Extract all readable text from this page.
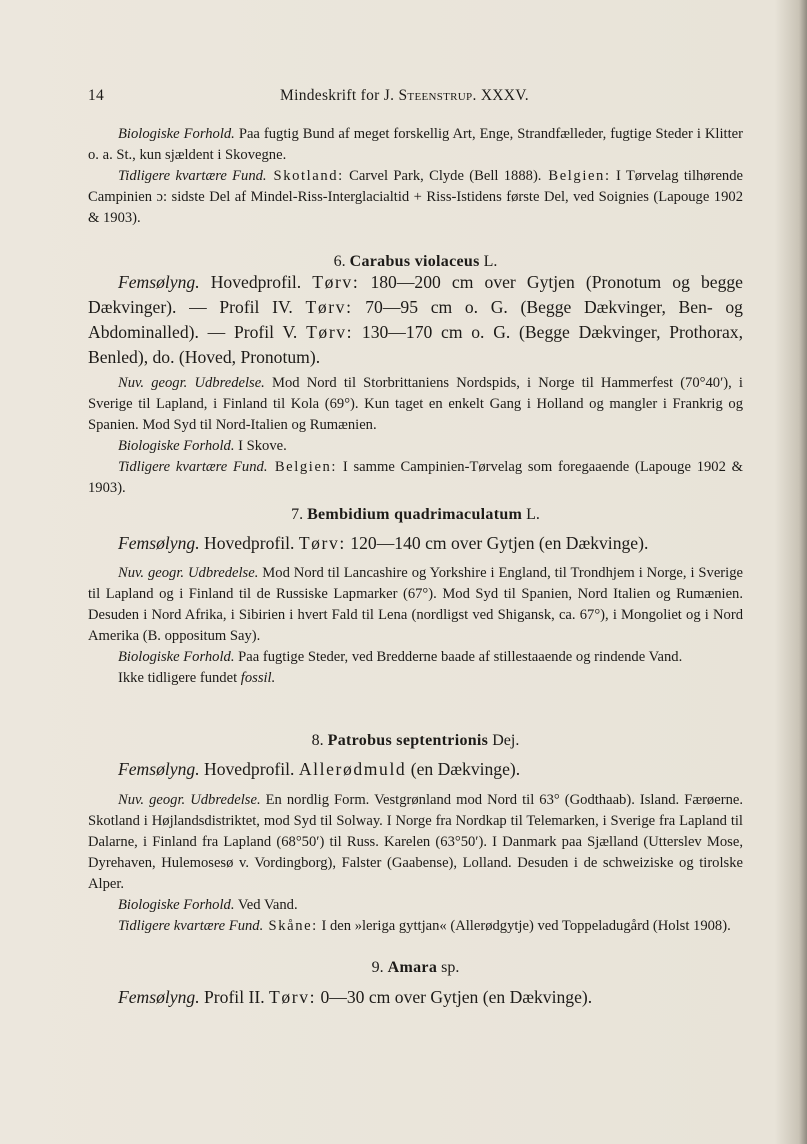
14	Mindeskrift for J. Steenstrup. XXXV.

Biologiske Forhold. Paa fugtig Bund af meget forskellig Art, Enge, Strandfælleder, fugtige Steder i Klitter o. a. St., kun sjældent i Skovegne.

Tidligere kvartære Fund. Skotland: Carvel Park, Clyde (Bell 1888). Belgien: I Tørvelag tilhørende Campinien ɔ: sidste Del af Mindel-Riss-Interglacialtid + Riss-Istidens første Del, ved Soignies (Lapouge 1902 & 1903).

6. Carabus violaceus L.

Femsølyng. Hovedprofil. Tørv: 180—200 cm over Gytjen (Pronotum og begge Dækvinger). — Profil IV. Tørv: 70—95 cm o. G. (Begge Dækvinger, Ben- og Abdominalled). — Profil V. Tørv: 130—170 cm o. G. (Begge Dækvinger, Prothorax, Benled), do. (Hoved, Pronotum).

Nuv. geogr. Udbredelse. Mod Nord til Storbrittaniens Nordspids, i Norge til Hammerfest (70°40′), i Sverige til Lapland, i Finland til Kola (69°). Kun taget en enkelt Gang i Holland og mangler i Frankrig og Spanien. Mod Syd til Nord-Italien og Rumænien.

Biologiske Forhold. I Skove.

Tidligere kvartære Fund. Belgien: I samme Campinien-Tørvelag som foregaaende (Lapouge 1902 & 1903).

7. Bembidium quadrimaculatum L.

Femsølyng. Hovedprofil. Tørv: 120—140 cm over Gytjen (en Dækvinge).

Nuv. geogr. Udbredelse. Mod Nord til Lancashire og Yorkshire i England, til Trondhjem i Norge, i Sverige til Lapland og i Finland til de Russiske Lapmarker (67°). Mod Syd til Spanien, Nord Italien og Rumænien. Desuden i Nord Afrika, i Sibirien i hvert Fald til Lena (nordligst ved Shigansk, ca. 67°), i Mongoliet og i Nord Amerika (B. oppositum Say).

Biologiske Forhold. Paa fugtige Steder, ved Bredderne baade af stillestaaende og rindende Vand.

Ikke tidligere fundet fossil.

8. Patrobus septentrionis Dej.

Femsølyng. Hovedprofil. Allerødmuld (en Dækvinge).

Nuv. geogr. Udbredelse. En nordlig Form. Vestgrønland mod Nord til 63° (Godthaab). Island. Færøerne. Skotland i Højlandsdistriktet, mod Syd til Solway. I Norge fra Nordkap til Telemarken, i Sverige fra Lapland til Dalarne, i Finland fra Lapland (68°50′) til Russ. Karelen (63°50′). I Danmark paa Sjælland (Utterslev Mose, Dyrehaven, Hulemosesø v. Vordingborg), Falster (Gaabense), Lolland. Desuden i de schweiziske og tirolske Alper.

Biologiske Forhold. Ved Vand.

Tidligere kvartære Fund. Skåne: I den »leriga gyttjan« (Allerødgytje) ved Toppeladugård (Holst 1908).

9. Amara sp.

Femsølyng. Profil II. Tørv: 0—30 cm over Gytjen (en Dækvinge).
